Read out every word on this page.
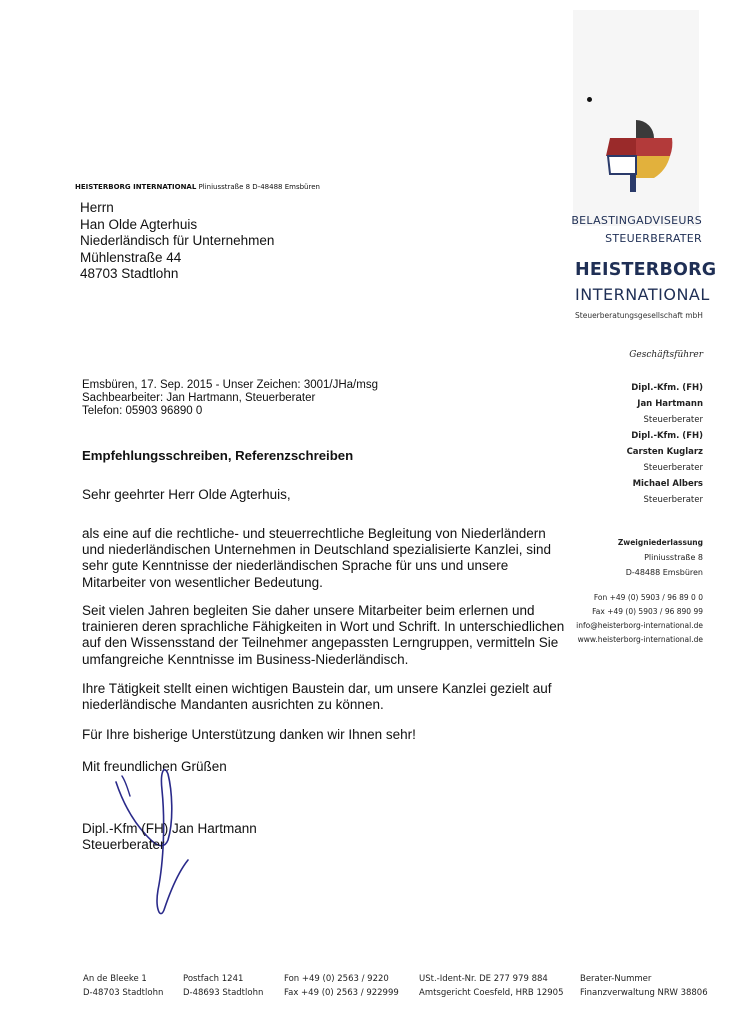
BELASTINGADVISEURS
STEUERBERATER
HEISTERBORG
INTERNATIONAL
Steuerberatungsgesellschaft mbH
HEISTERBORG INTERNATIONAL Pliniusstraße 8 D-48488 Emsbüren
Herrn
Han Olde Agterhuis
Niederländisch für Unternehmen
Mühlenstraße 44
48703 Stadtlohn
Geschäftsführer
Dipl.-Kfm. (FH)
Jan Hartmann
Steuerberater
Dipl.-Kfm. (FH)
Carsten Kuglarz
Steuerberater
Michael Albers
Steuerberater
Zweigniederlassung
Pliniusstraße 8
D-48488 Emsbüren
Fon +49 (0) 5903 / 96 89 0 0
Fax +49 (0) 5903 / 96 890 99
info@heisterborg-international.de
www.heisterborg-international.de
Emsbüren, 17. Sep. 2015 - Unser Zeichen: 3001/JHa/msg
Sachbearbeiter: Jan Hartmann, Steuerberater
Telefon: 05903 96890 0
Empfehlungsschreiben, Referenzschreiben
Sehr geehrter Herr Olde Agterhuis,
als eine auf die rechtliche- und steuerrechtliche Begleitung von Niederländern und niederländischen Unternehmen in Deutschland spezialisierte Kanzlei, sind sehr gute Kenntnisse der niederländischen Sprache für uns und unsere Mitarbeiter von wesentlicher Bedeutung.
Seit vielen Jahren begleiten Sie daher unsere Mitarbeiter beim erlernen und trainieren deren sprachliche Fähigkeiten in Wort und Schrift. In unterschiedlichen auf den Wissensstand der Teilnehmer angepassten Lerngruppen, vermitteln Sie umfangreiche Kenntnisse im Business-Niederländisch.
Ihre Tätigkeit stellt einen wichtigen Baustein dar, um unsere Kanzlei gezielt auf niederländische Mandanten ausrichten zu können.
Für Ihre bisherige Unterstützung danken wir Ihnen sehr!
Mit freundlichen Grüßen
Dipl.-Kfm (FH) Jan Hartmann
Steuerberater
An de Bleeke 1
D-48703 Stadtlohn
Postfach 1241
D-48693 Stadtlohn
Fon +49 (0) 2563 / 9220
Fax +49 (0) 2563 / 922999
USt.-Ident-Nr. DE 277 979 884
Amtsgericht Coesfeld, HRB 12905
Berater-Nummer
Finanzverwaltung NRW 38806
